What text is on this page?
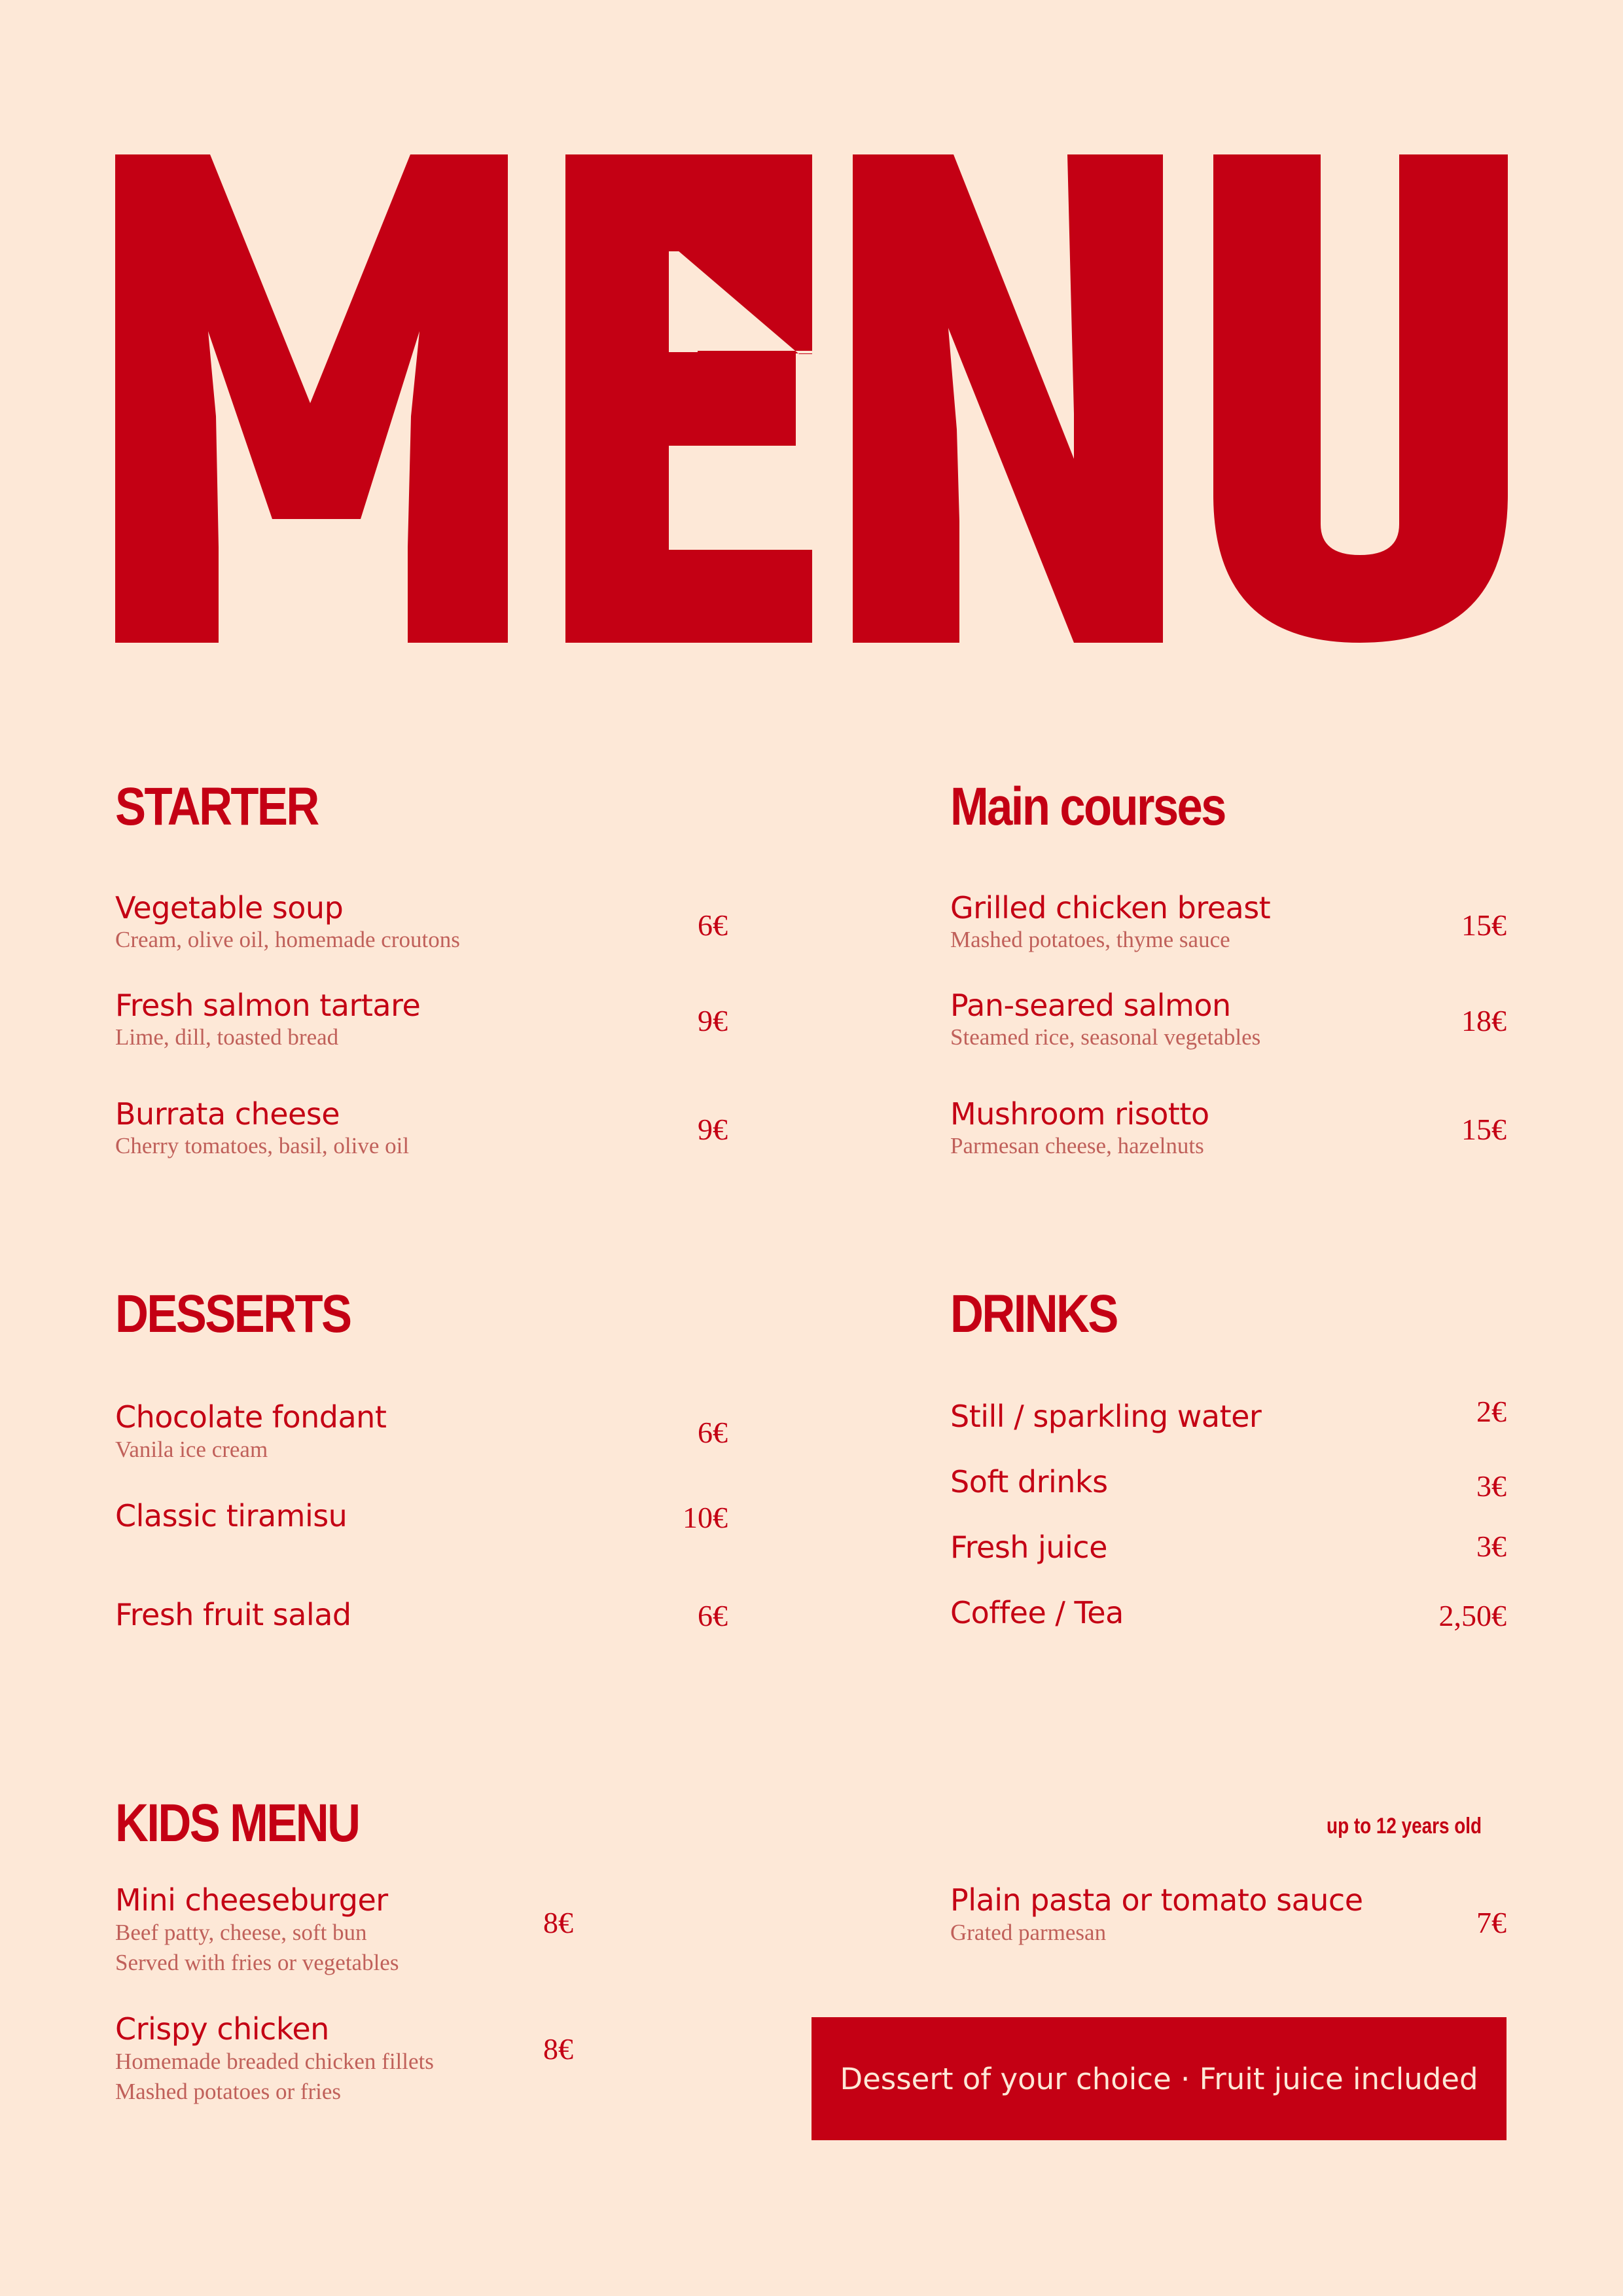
STARTER
Vegetable soup
Cream, olive oil, homemade croutons	6€
Fresh salmon tartare
Lime, dill, toasted bread	9€
Burrata cheese
Cherry tomatoes, basil, olive oil	9€
Main courses
Grilled chicken breast
Mashed potatoes, thyme sauce	15€
Pan-seared salmon
Steamed rice, seasonal vegetables	18€
Mushroom risotto
Parmesan cheese, hazelnuts	15€
DESSERTS
Chocolate fondant
Vanila ice cream
6€
Classic tiramisu	10€
Fresh fruit salad	6€
DRINKS
Still / sparkling water	2€
Soft drinks	3€
Fresh juice	3€
Coffee / Tea	2,50€
KIDS MENU	up to 12 years old
Mini cheeseburger
Beef patty, cheese, soft bun
Served with fries or vegetables
8€
Crispy chicken
Homemade breaded chicken fillets
Mashed potatoes or fries
8€
Plain pasta or tomato sauce
Grated parmesan	7€
Dessert of your choice · Fruit juice included
